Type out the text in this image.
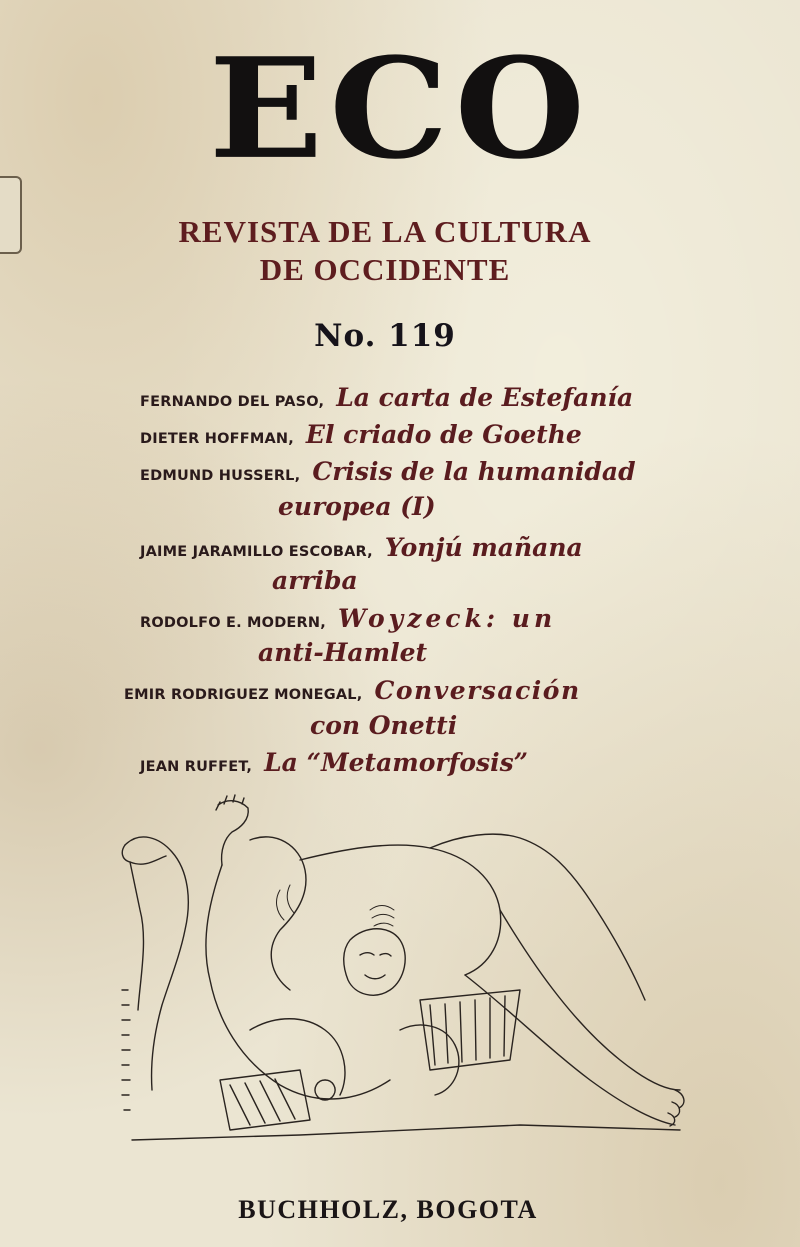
ECO
REVISTA DE LA CULTURA
DE OCCIDENTE
No. 119
FERNANDO DEL PASO, La carta de Estefanía
DIETER HOFFMAN, El criado de Goethe
EDMUND HUSSERL, Crisis de la humanidad
europea (I)
JAIME JARAMILLO ESCOBAR, Yonjú mañana
arriba
RODOLFO E. MODERN, Woyzeck: un
anti-Hamlet
EMIR RODRIGUEZ MONEGAL, Conversación
con Onetti
JEAN RUFFET, La “Metamorfosis”
BUCHHOLZ, BOGOTA
